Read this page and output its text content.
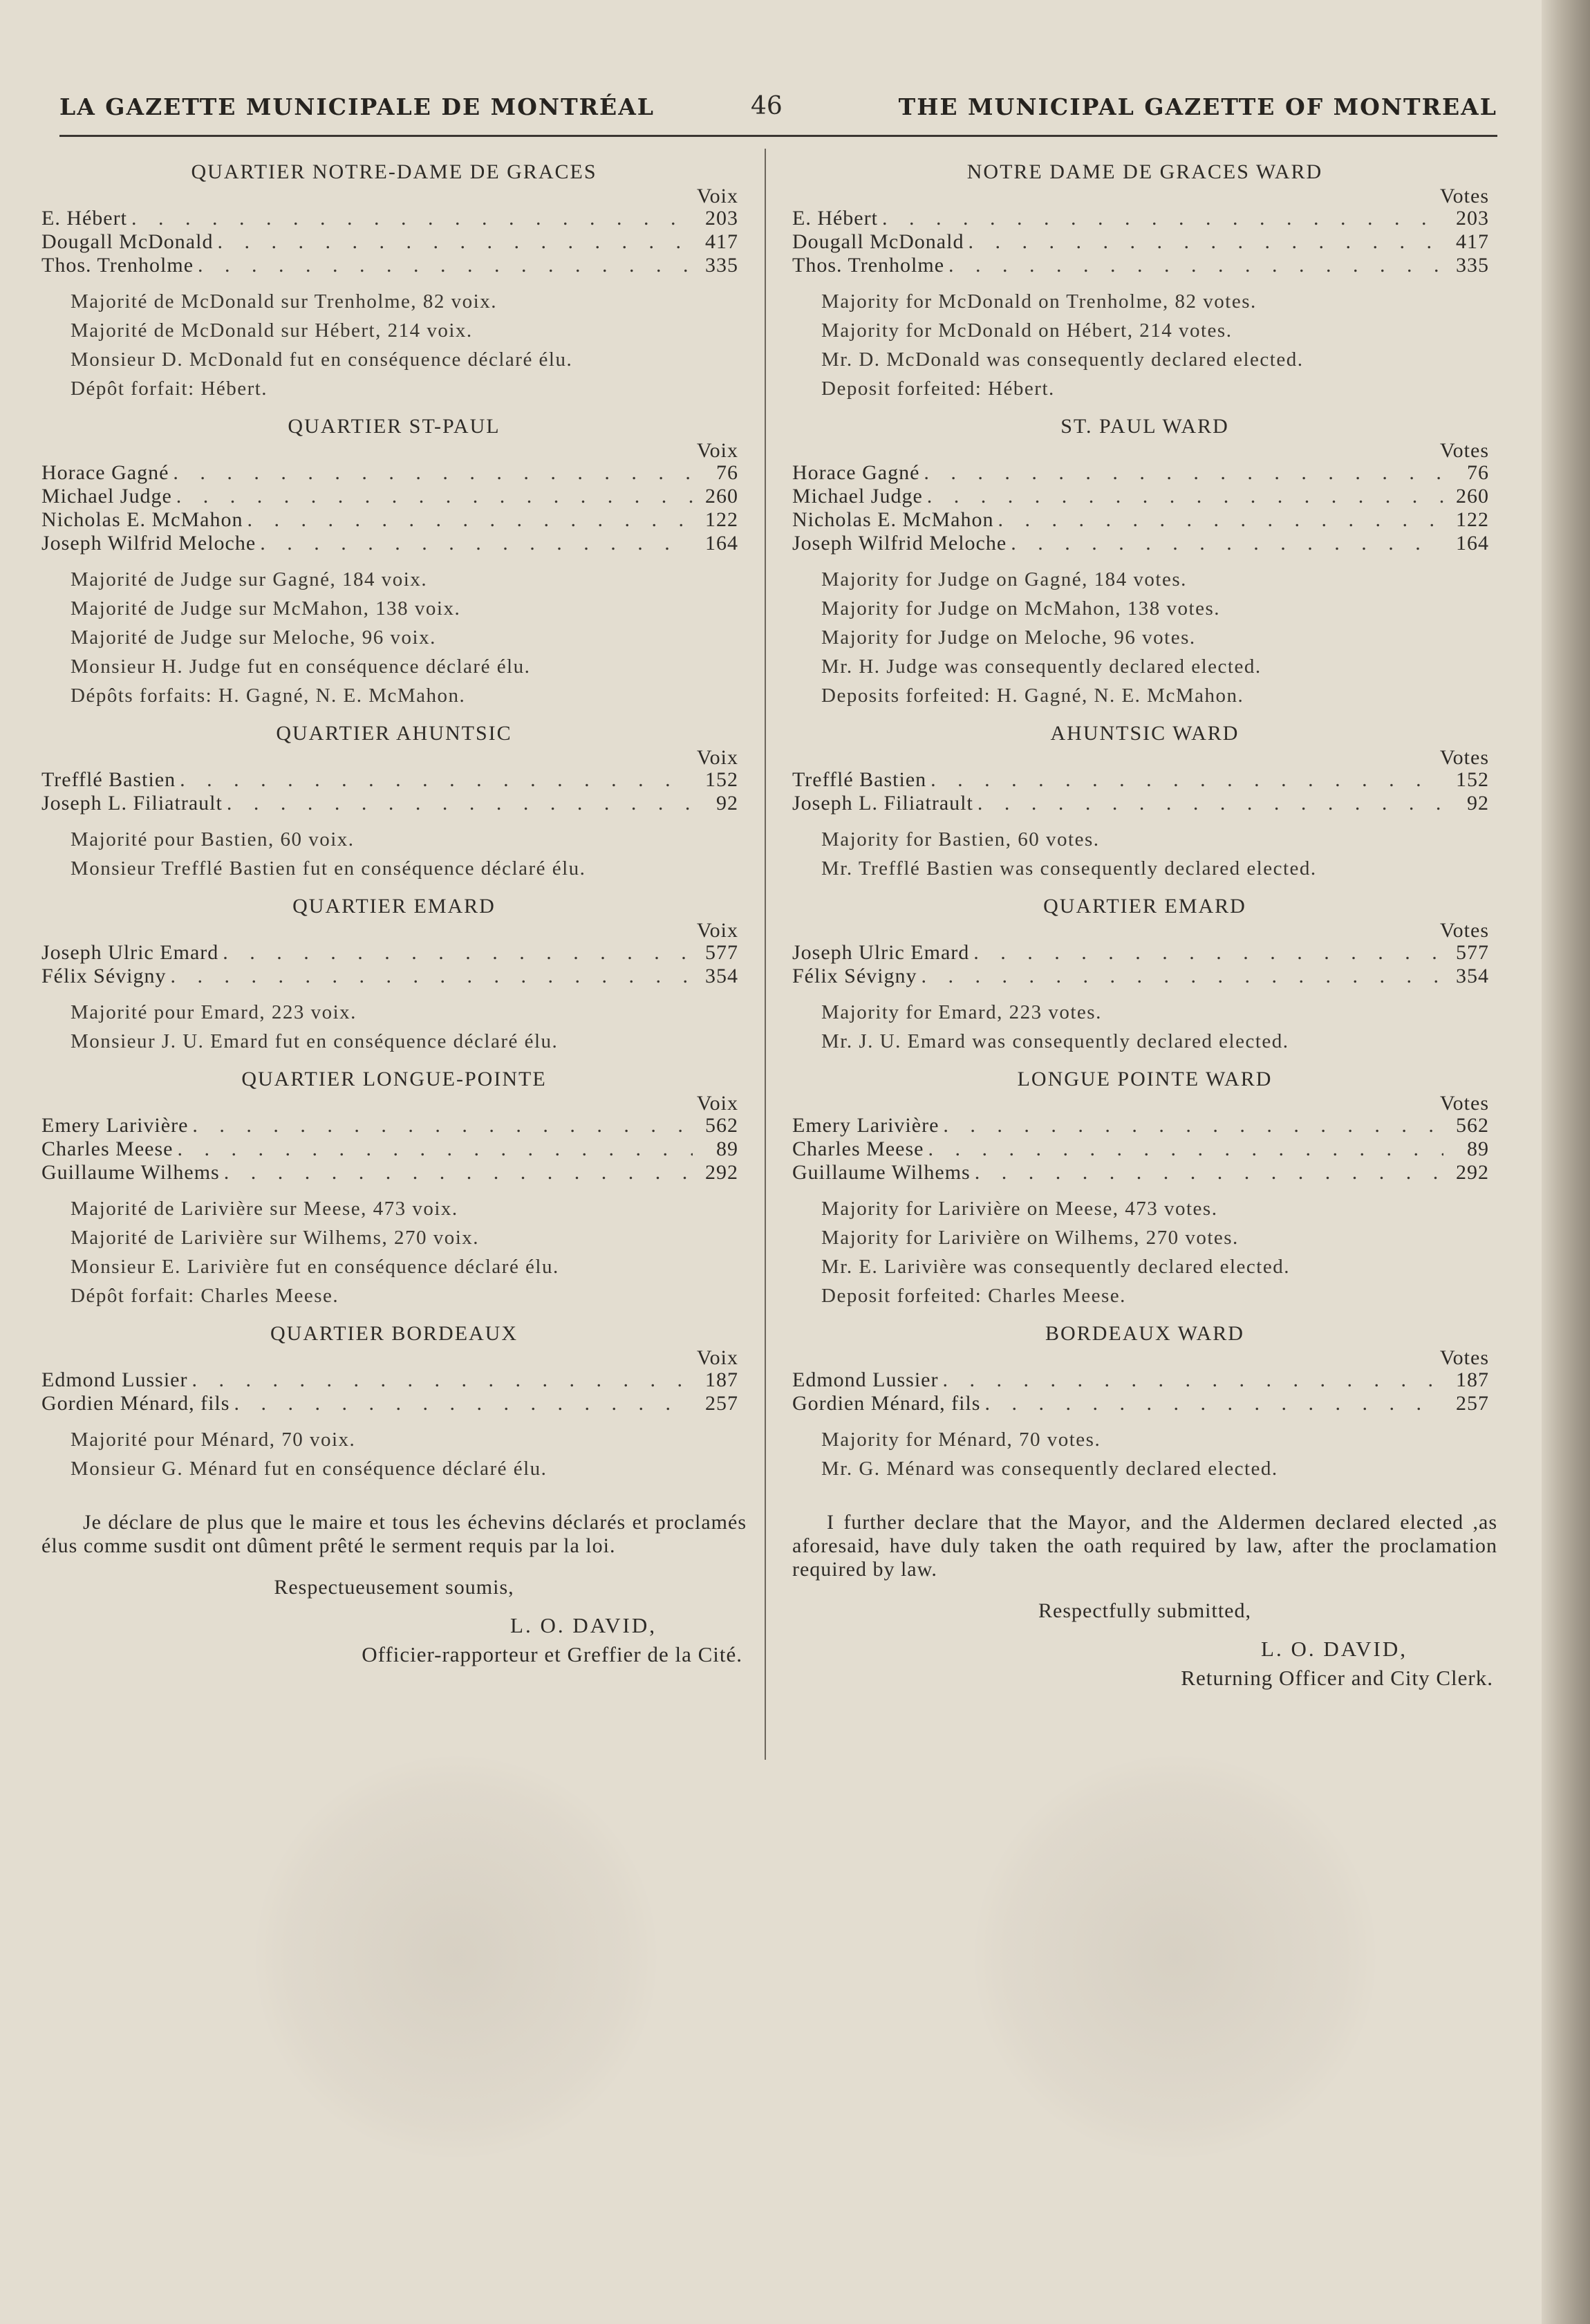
LA GAZETTE MUNICIPALE DE MONTRÉAL	46	THE MUNICIPAL GAZETTE OF MONTREAL
QUARTIER NOTRE-DAME DE GRACES
Voix
E. Hébert . . .	203
Dougall McDonald . . .	417
Thos. Trenholme . . .	335
Majorité de McDonald sur Trenholme, 82 voix.
Majorité de McDonald sur Hébert, 214 voix.
Monsieur D. McDonald fut en conséquence déclaré élu.
Dépôt forfait: Hébert.
QUARTIER ST-PAUL
Voix
Horace Gagné . . .	76
Michael Judge . . .	260
Nicholas E. McMahon . . .	122
Joseph Wilfrid Meloche . . .	164
Majorité de Judge sur Gagné, 184 voix.
Majorité de Judge sur McMahon, 138 voix.
Majorité de Judge sur Meloche, 96 voix.
Monsieur H. Judge fut en conséquence déclaré élu.
Dépôts forfaits: H. Gagné, N. E. McMahon.
QUARTIER AHUNTSIC
Voix
Trefflé Bastien . . .	152
Joseph L. Filiatrault . . .	92
Majorité pour Bastien, 60 voix.
Monsieur Trefflé Bastien fut en conséquence déclaré élu.
QUARTIER EMARD
Voix
Joseph Ulric Emard . . .	577
Félix Sévigny . . .	354
Majorité pour Emard, 223 voix.
Monsieur J. U. Emard fut en conséquence déclaré élu.
QUARTIER LONGUE-POINTE
Voix
Emery Larivière . . .	562
Charles Meese . . .	89
Guillaume Wilhems . . .	292
Majorité de Larivière sur Meese, 473 voix.
Majorité de Larivière sur Wilhems, 270 voix.
Monsieur E. Larivière fut en conséquence déclaré élu.
Dépôt forfait: Charles Meese.
QUARTIER BORDEAUX
Voix
Edmond Lussier . . .	187
Gordien Ménard, fils . . .	257
Majorité pour Ménard, 70 voix.
Monsieur G. Ménard fut en conséquence déclaré élu.

Je déclare de plus que le maire et tous les échevins déclarés et proclamés élus comme susdit ont dûment prêté le serment requis par la loi.

Respectueusement soumis,
L. O. DAVID,
Officier-rapporteur et Greffier de la Cité.
NOTRE DAME DE GRACES WARD
Votes
E. Hébert . . .	203
Dougall McDonald . . .	417
Thos. Trenholme . . .	335
Majority for McDonald on Trenholme, 82 votes.
Majority for McDonald on Hébert, 214 votes.
Mr. D. McDonald was consequently declared elected.
Deposit forfeited: Hébert.
ST. PAUL WARD
Votes
Horace Gagné . . .	76
Michael Judge . . .	260
Nicholas E. McMahon . . .	122
Joseph Wilfrid Meloche . . .	164
Majority for Judge on Gagné, 184 votes.
Majority for Judge on McMahon, 138 votes.
Majority for Judge on Meloche, 96 votes.
Mr. H. Judge was consequently declared elected.
Deposits forfeited: H. Gagné, N. E. McMahon.
AHUNTSIC WARD
Votes
Trefflé Bastien . . .	152
Joseph L. Filiatrault . . .	92
Majority for Bastien, 60 votes.
Mr. Trefflé Bastien was consequently declared elected.
QUARTIER EMARD
Votes
Joseph Ulric Emard . . .	577
Félix Sévigny . . .	354
Majority for Emard, 223 votes.
Mr. J. U. Emard was consequently declared elected.
LONGUE POINTE WARD
Votes
Emery Larivière . . .	562
Charles Meese . . .	89
Guillaume Wilhems . . .	292
Majority for Larivière on Meese, 473 votes.
Majority for Larivière on Wilhems, 270 votes.
Mr. E. Larivière was consequently declared elected.
Deposit forfeited: Charles Meese.
BORDEAUX WARD
Votes
Edmond Lussier . . .	187
Gordien Ménard, fils . . .	257
Majority for Ménard, 70 votes.
Mr. G. Ménard was consequently declared elected.

I further declare that the Mayor, and the Aldermen declared elected ,as aforesaid, have duly taken the oath required by law, after the proclamation required by law.

Respectfully submitted,
L. O. DAVID,
Returning Officer and City Clerk.
